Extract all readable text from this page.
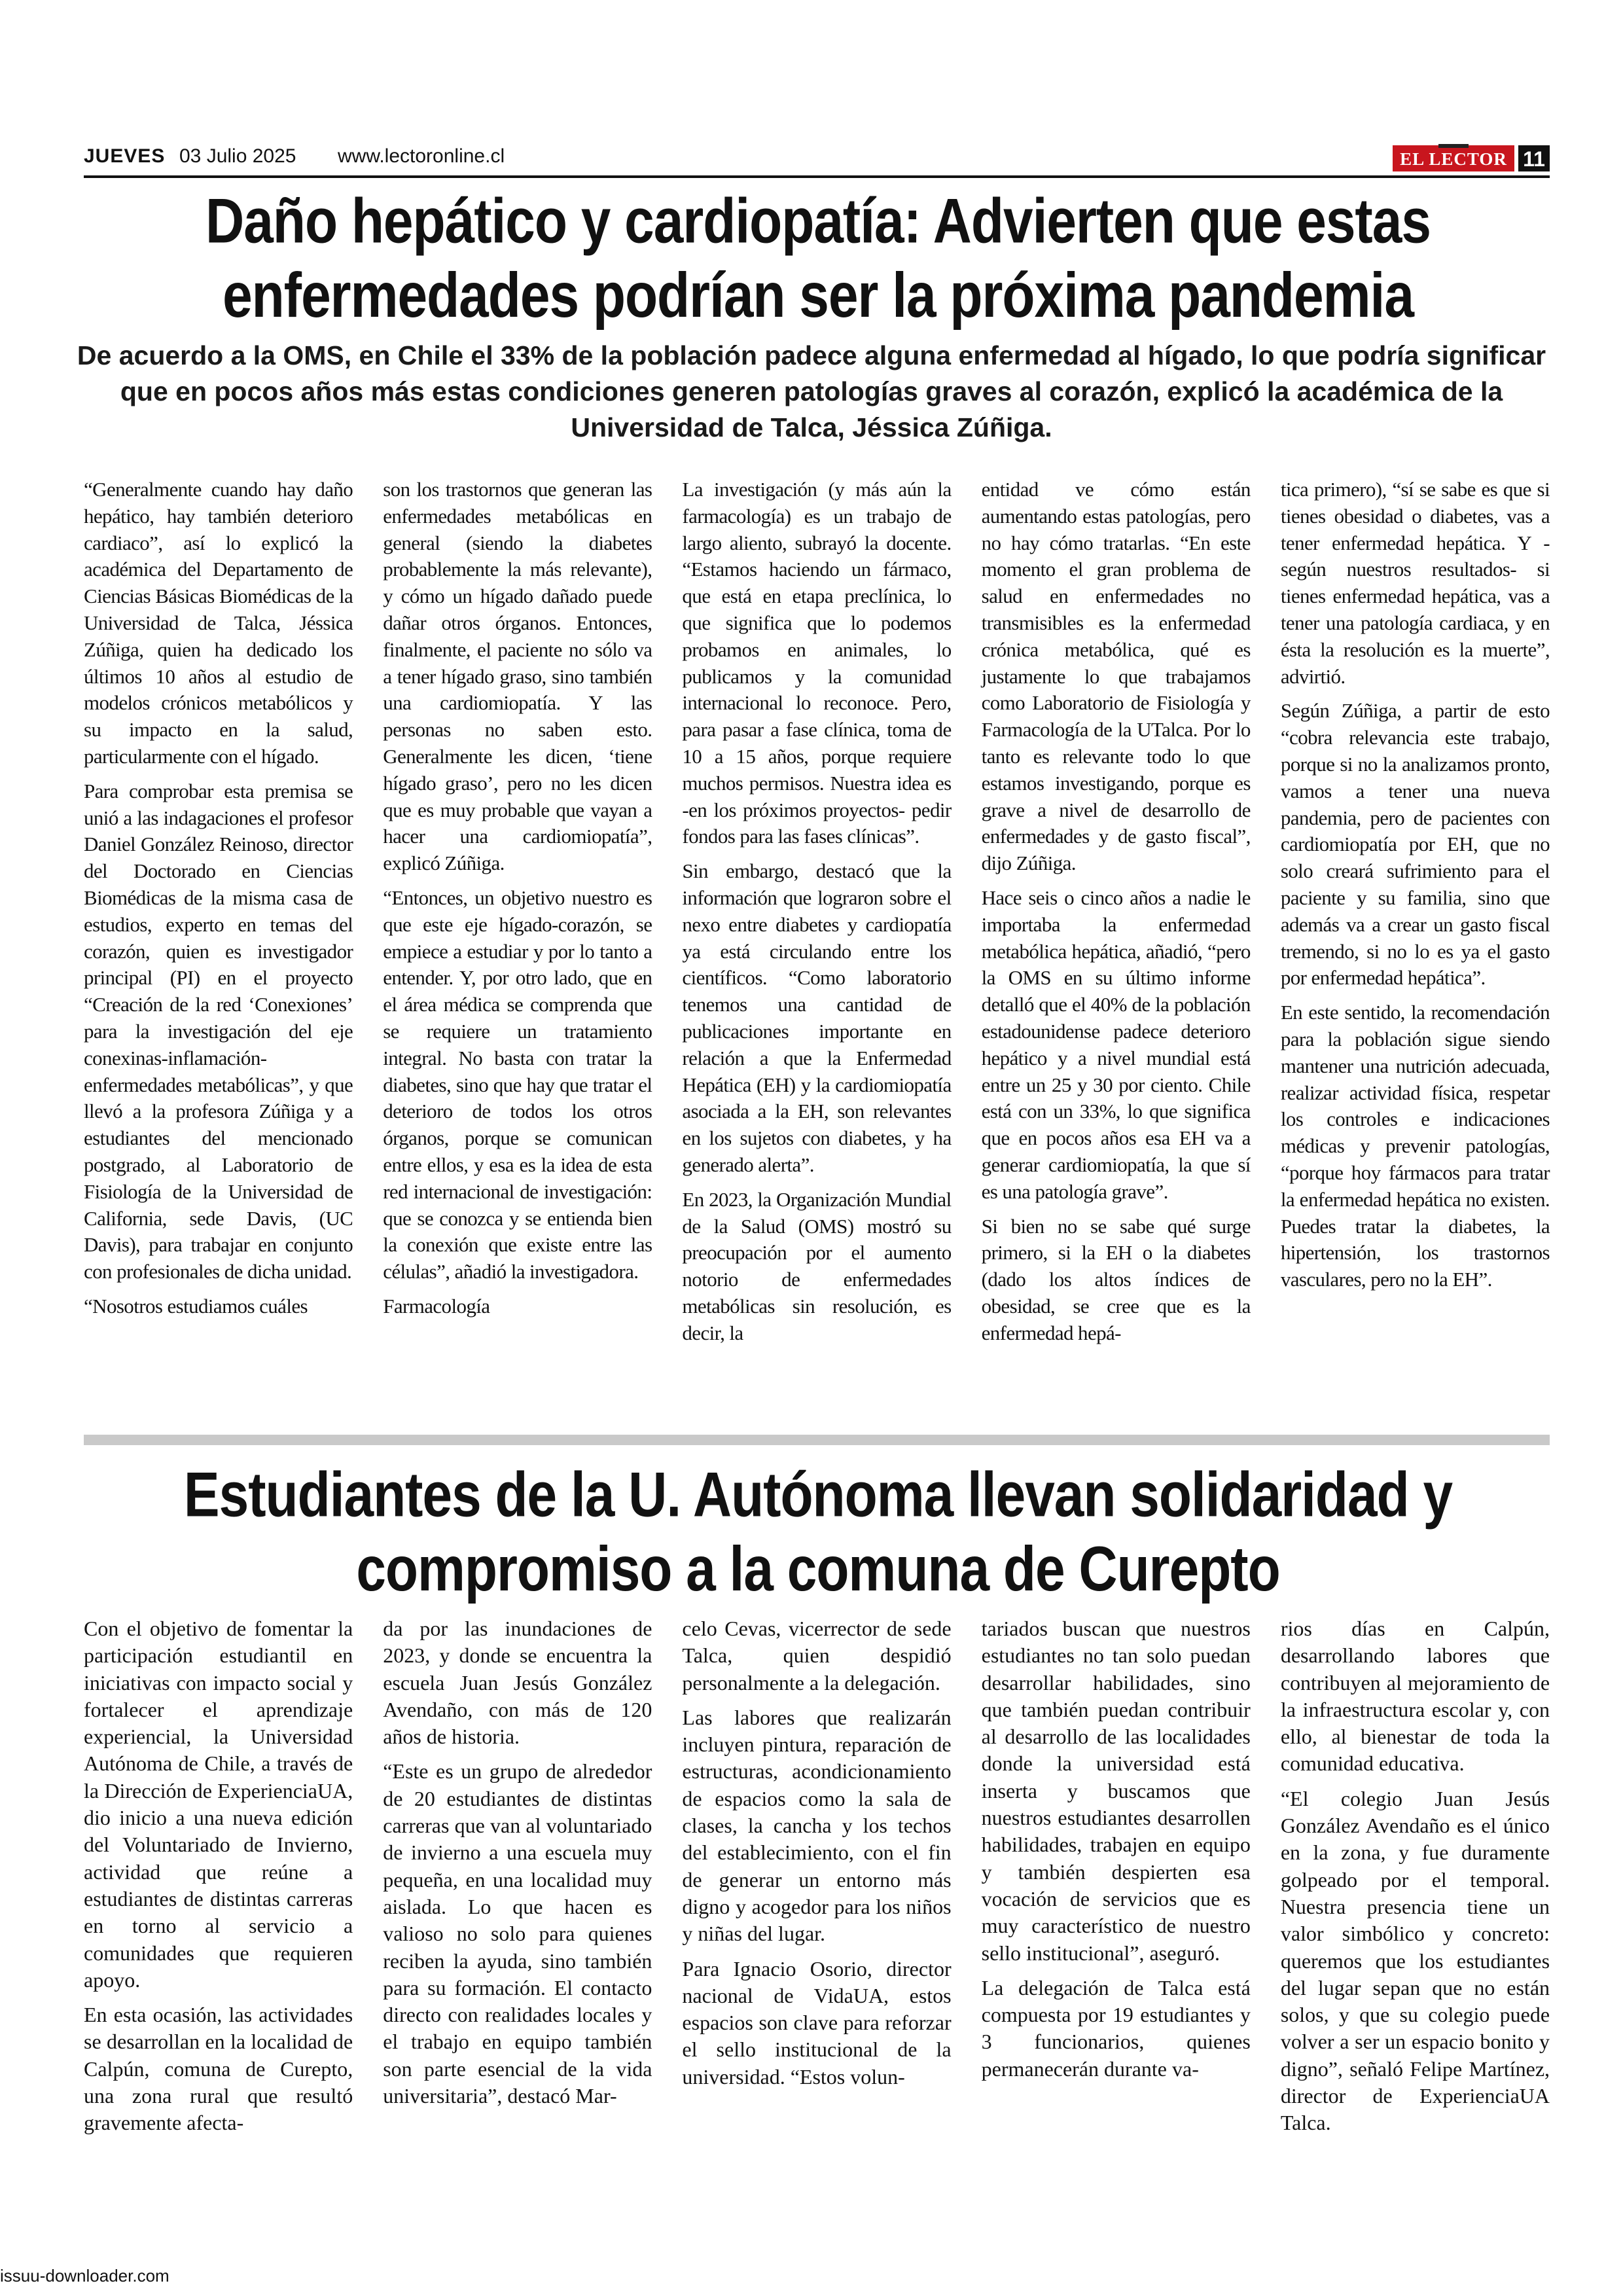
JUEVES 03 Julio 2025 www.lectoronline.cl	EL LECTOR 11
Daño hepático y cardiopatía: Advierten que estas
enfermedades podrían ser la próxima pandemia
De acuerdo a la OMS, en Chile el 33% de la población padece alguna enfermedad al hígado, lo que podría significar que en pocos años más estas condiciones generen patologías graves al corazón, explicó la académica de la Universidad de Talca, Jéssica Zúñiga.

“Generalmente cuando hay daño hepático, hay también deterioro cardiaco”, así lo explicó la académica del Departamento de Ciencias Básicas Biomédicas de la Universidad de Talca, Jéssica Zúñiga, quien ha dedicado los últimos 10 años al estudio de modelos crónicos metabólicos y su impacto en la salud, particularmente con el hígado.

Para comprobar esta premisa se unió a las indagaciones el profesor Daniel González Reinoso, director del Doctorado en Ciencias Biomédicas de la misma casa de estudios, experto en temas del corazón, quien es investigador principal (PI) en el proyecto “Creación de la red ‘Conexiones’ para la investigación del eje conexinas-inflamación-enfermedades metabólicas”, y que llevó a la profesora Zúñiga y a estudiantes del mencionado postgrado, al Laboratorio de Fisiología de la Universidad de California, sede Davis, (UC Davis), para trabajar en conjunto con profesionales de dicha unidad.

“Nosotros estudiamos cuáles

son los trastornos que generan las enfermedades metabólicas en general (siendo la diabetes probablemente la más relevante), y cómo un hígado dañado puede dañar otros órganos. Entonces, finalmente, el paciente no sólo va a tener hígado graso, sino también una cardiomiopatía. Y las personas no saben esto. Generalmente les dicen, ‘tiene hígado graso’, pero no les dicen que es muy probable que vayan a hacer una cardiomiopatía”, explicó Zúñiga.

“Entonces, un objetivo nuestro es que este eje hígado-corazón, se empiece a estudiar y por lo tanto a entender. Y, por otro lado, que en el área médica se comprenda que se requiere un tratamiento integral. No basta con tratar la diabetes, sino que hay que tratar el deterioro de todos los otros órganos, porque se comunican entre ellos, y esa es la idea de esta red internacional de investigación: que se conozca y se entienda bien la conexión que existe entre las células”, añadió la investigadora.

Farmacología

La investigación (y más aún la farmacología) es un trabajo de largo aliento, subrayó la docente. “Estamos haciendo un fármaco, que está en etapa preclínica, lo que significa que lo podemos probamos en animales, lo publicamos y la comunidad internacional lo reconoce. Pero, para pasar a fase clínica, toma de 10 a 15 años, porque requiere muchos permisos. Nuestra idea es -en los próximos proyectos- pedir fondos para las fases clínicas”.

Sin embargo, destacó que la información que lograron sobre el nexo entre diabetes y cardiopatía ya está circulando entre los científicos. “Como laboratorio tenemos una cantidad de publicaciones importante en relación a que la Enfermedad Hepática (EH) y la cardiomiopatía asociada a la EH, son relevantes en los sujetos con diabetes, y ha generado alerta”.

En 2023, la Organización Mundial de la Salud (OMS) mostró su preocupación por el aumento notorio de enfermedades metabólicas sin resolución, es decir, la

entidad ve cómo están aumentando estas patologías, pero no hay cómo tratarlas. “En este momento el gran problema de salud en enfermedades no transmisibles es la enfermedad crónica metabólica, qué es justamente lo que trabajamos como Laboratorio de Fisiología y Farmacología de la UTalca. Por lo tanto es relevante todo lo que estamos investigando, porque es grave a nivel de desarrollo de enfermedades y de gasto fiscal”, dijo Zúñiga.

Hace seis o cinco años a nadie le importaba la enfermedad metabólica hepática, añadió, “pero la OMS en su último informe detalló que el 40% de la población estadounidense padece deterioro hepático y a nivel mundial está entre un 25 y 30 por ciento. Chile está con un 33%, lo que significa que en pocos años esa EH va a generar cardiomiopatía, la que sí es una patología grave”.

Si bien no se sabe qué surge primero, si la EH o la diabetes (dado los altos índices de obesidad, se cree que es la enfermedad hepá-

tica primero), “sí se sabe es que si tienes obesidad o diabetes, vas a tener enfermedad hepática. Y -según nuestros resultados- si tienes enfermedad hepática, vas a tener una patología cardiaca, y en ésta la resolución es la muerte”, advirtió.

Según Zúñiga, a partir de esto “cobra relevancia este trabajo, porque si no la analizamos pronto, vamos a tener una nueva pandemia, pero de pacientes con cardiomiopatía por EH, que no solo creará sufrimiento para el paciente y su familia, sino que además va a crear un gasto fiscal tremendo, si no lo es ya el gasto por enfermedad hepática”.

En este sentido, la recomendación para la población sigue siendo mantener una nutrición adecuada, realizar actividad física, respetar los controles e indicaciones médicas y prevenir patologías, “porque hoy fármacos para tratar la enfermedad hepática no existen. Puedes tratar la diabetes, la hipertensión, los trastornos vasculares, pero no la EH”.

Estudiantes de la U. Autónoma llevan solidaridad y
compromiso a la comuna de Curepto

Con el objetivo de fomentar la participación estudiantil en iniciativas con impacto social y fortalecer el aprendizaje experiencial, la Universidad Autónoma de Chile, a través de la Dirección de ExperienciaUA, dio inicio a una nueva edición del Voluntariado de Invierno, actividad que reúne a estudiantes de distintas carreras en torno al servicio a comunidades que requieren apoyo.

En esta ocasión, las actividades se desarrollan en la localidad de Calpún, comuna de Curepto, una zona rural que resultó gravemente afecta-

da por las inundaciones de 2023, y donde se encuentra la escuela Juan Jesús González Avendaño, con más de 120 años de historia.

“Este es un grupo de alrededor de 20 estudiantes de distintas carreras que van al voluntariado de invierno a una escuela muy pequeña, en una localidad muy aislada. Lo que hacen es valioso no solo para quienes reciben la ayuda, sino también para su formación. El contacto directo con realidades locales y el trabajo en equipo también son parte esencial de la vida universitaria”, destacó Mar-

celo Cevas, vicerrector de sede Talca, quien despidió personalmente a la delegación.

Las labores que realizarán incluyen pintura, reparación de estructuras, acondicionamiento de espacios como la sala de clases, la cancha y los techos del establecimiento, con el fin de generar un entorno más digno y acogedor para los niños y niñas del lugar.

Para Ignacio Osorio, director nacional de VidaUA, estos espacios son clave para reforzar el sello institucional de la universidad. “Estos volun-

tariados buscan que nuestros estudiantes no tan solo puedan desarrollar habilidades, sino que también puedan contribuir al desarrollo de las localidades donde la universidad está inserta y buscamos que nuestros estudiantes desarrollen habilidades, trabajen en equipo y también despierten esa vocación de servicios que es muy característico de nuestro sello institucional”, aseguró.

La delegación de Talca está compuesta por 19 estudiantes y 3 funcionarios, quienes permanecerán durante va-

rios días en Calpún, desarrollando labores que contribuyen al mejoramiento de la infraestructura escolar y, con ello, al bienestar de toda la comunidad educativa.

“El colegio Juan Jesús González Avendaño es el único en la zona, y fue duramente golpeado por el temporal. Nuestra presencia tiene un valor simbólico y concreto: queremos que los estudiantes del lugar sepan que no están solos, y que su colegio puede volver a ser un espacio bonito y digno”, señaló Felipe Martínez, director de ExperienciaUA Talca.

issuu-downloader.com
